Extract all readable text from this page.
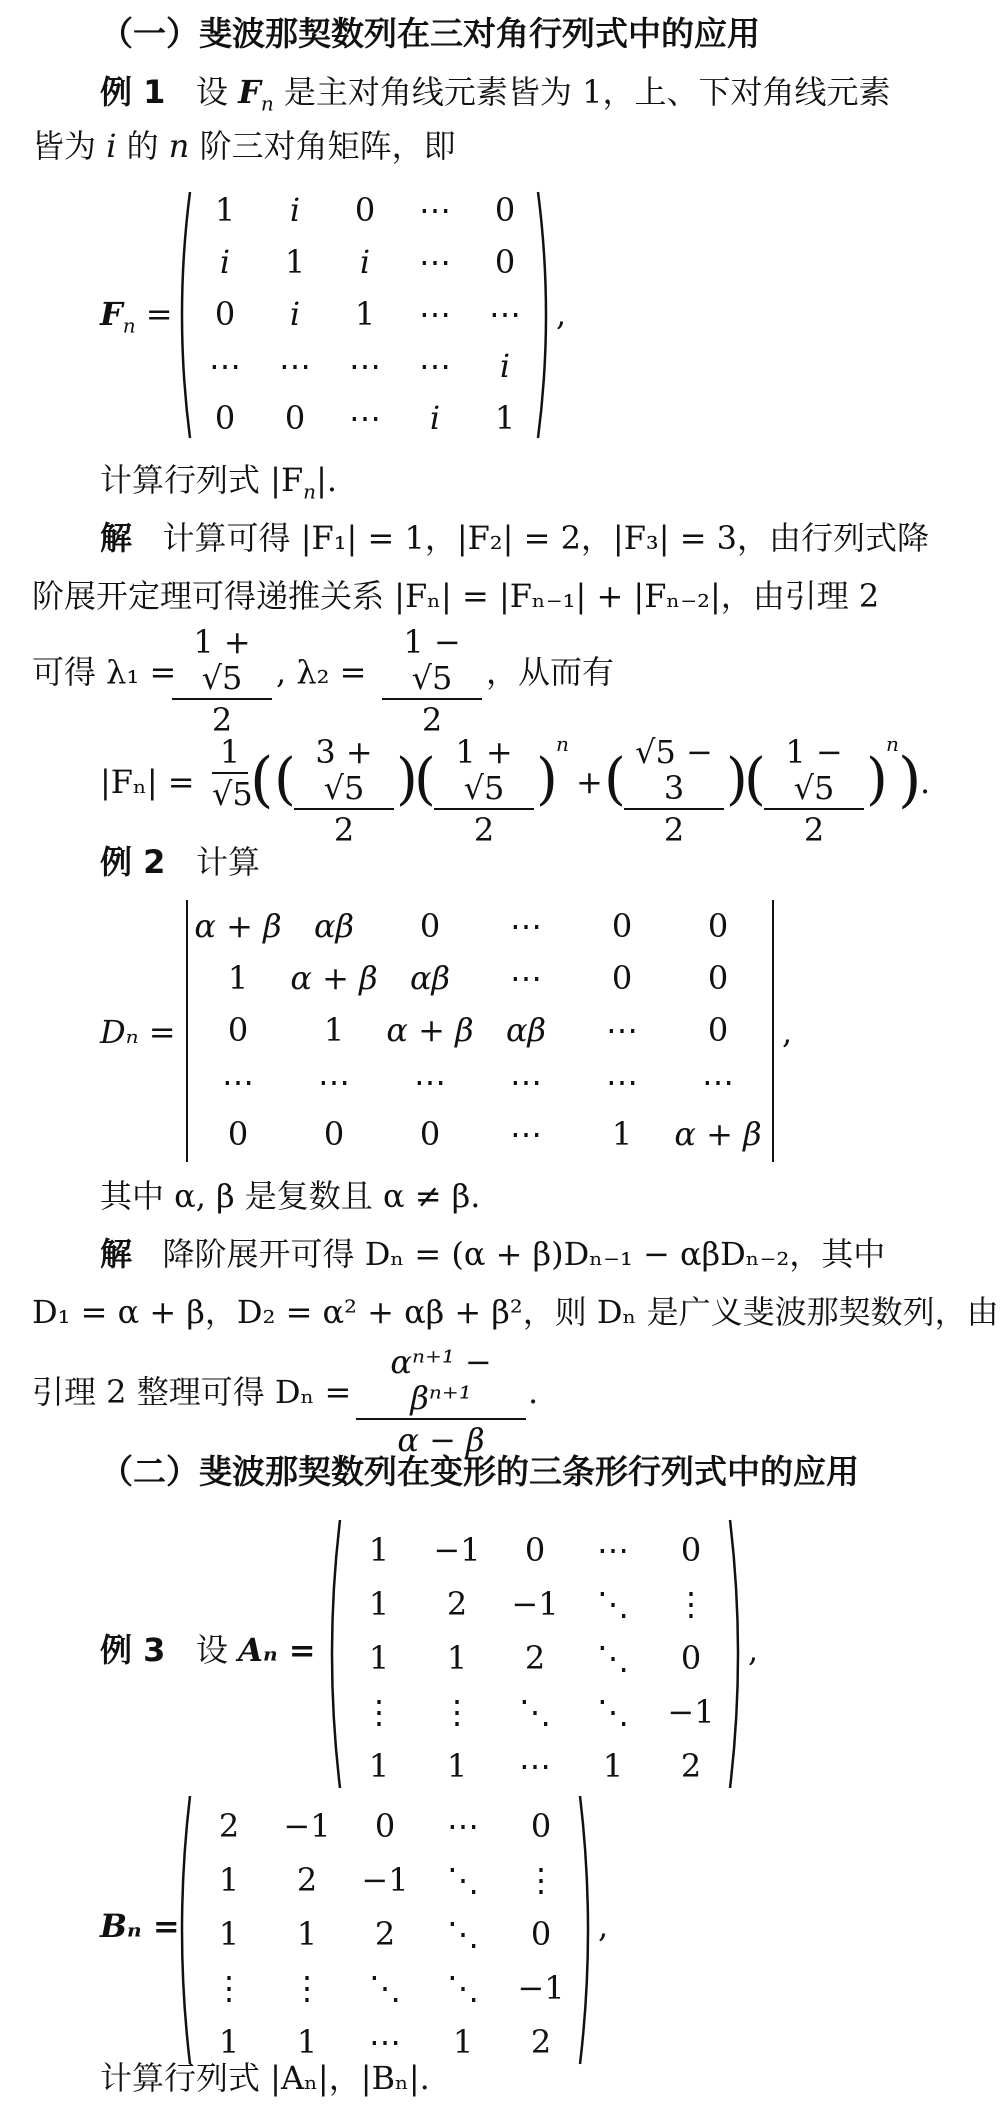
（一）斐波那契数列在三对角行列式中的应用
例 1 设 $F_n$ 是主对角线元素皆为 1，上、下对角线元素
皆为 i 的 n 阶三对角矩阵，即
$F_n$ =	,
1	i	0	⋯	0
i	1	i	⋯	0
0	i	1	⋯	⋯
⋯	⋯	⋯	⋯	i
0	0	⋯	i	1
计算行列式 $|F_n|$.
解 计算可得 |F₁| = 1，|F₂| = 2，|F₃| = 3，由行列式降
阶展开定理可得递推关系 |Fₙ| = |Fₙ₋₁| + |Fₙ₋₂|，由引理 2
可得 λ₁ =
1 + √5
2
, λ₂ =
1 − √5
2
，从而有
|Fₙ| =
1
√5
( ( 3 + √5
2
)
( 1 + √5
2
)
n
+ ( √5 − 3
2
)
( 1 − √5
2
)
n
)
.
例 2 计算
Dₙ =	,
α + β	αβ	0	⋯	0	0
1	α + β	αβ	⋯	0	0
0	1	α + β	αβ	⋯	0
⋯	⋯	⋯	⋯	⋯	⋯
0	0	0	⋯	1	α + β
其中 α, β 是复数且 α ≠ β.
解 降阶展开可得 Dₙ = (α + β)Dₙ₋₁ − αβDₙ₋₂，其中
D₁ = α + β，D₂ = α² + αβ + β²，则 Dₙ 是广义斐波那契数列，由
引理 2 整理可得 Dₙ =
αⁿ⁺¹ − βⁿ⁺¹
α − β
.
（二）斐波那契数列在变形的三条形行列式中的应用
例 3 设 Aₙ =	,
1	−1	0	⋯	0
1	2	−1	⋱	⋮
1	1	2	⋱	0
⋮	⋮	⋱	⋱	−1
1	1	⋯	1	2
Bₙ =	,
2	−1	0	⋯	0
1	2	−1	⋱	⋮
1	1	2	⋱	0
⋮	⋮	⋱	⋱	−1
1	1	⋯	1	2
计算行列式 |Aₙ|，|Bₙ|.
